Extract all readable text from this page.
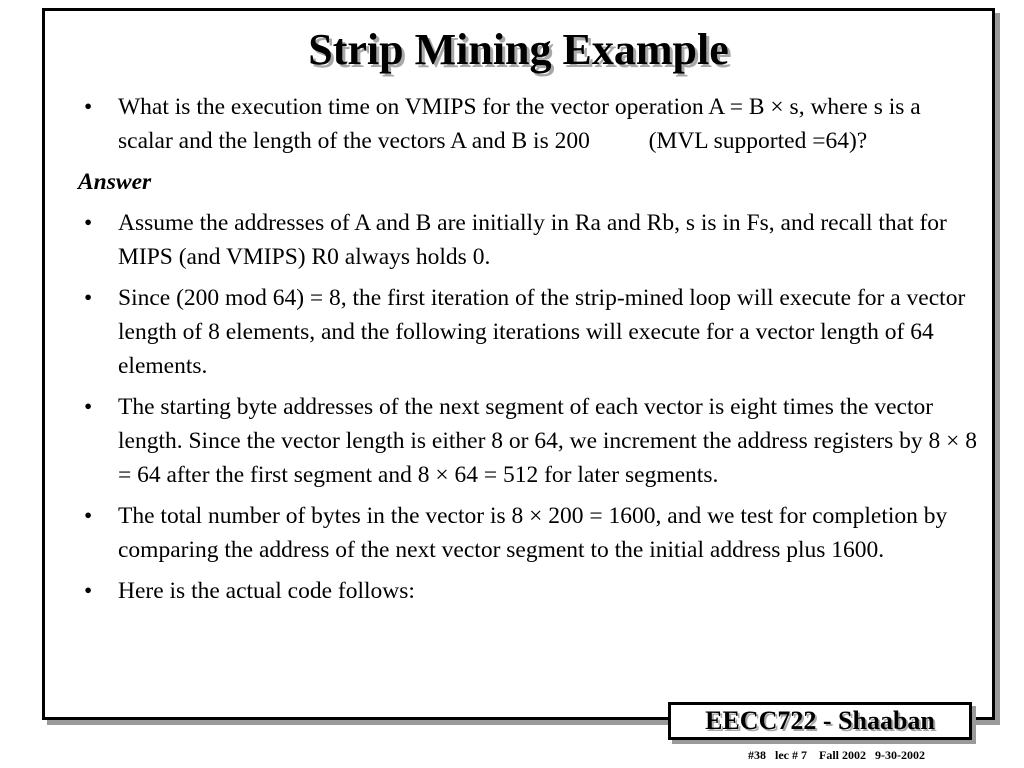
Strip Mining Example
• What is the execution time on VMIPS for the vector operation A = B × s, where s is a scalar and the length of the vectors A and B is 200          (MVL supported =64)?
Answer
• Assume the addresses of A and B are initially in Ra and Rb, s is in Fs, and recall that for MIPS (and VMIPS) R0 always holds 0.
• Since (200 mod 64) = 8, the first iteration of the strip-mined loop will execute for a vector length of 8 elements, and the following iterations will execute for a vector length of 64 elements.
• The starting byte addresses of the next segment of each vector is eight times the vector length. Since the vector length is either 8 or 64, we increment the address registers by 8 × 8 = 64 after the first segment and 8 × 64 = 512 for later segments.
• The total number of bytes in the vector is 8 × 200 = 1600, and we test for completion by comparing the address of the next vector segment to the initial address plus 1600.
• Here is the actual code follows:
EECC722 - Shaaban
#38   lec # 7    Fall 2002   9-30-2002
